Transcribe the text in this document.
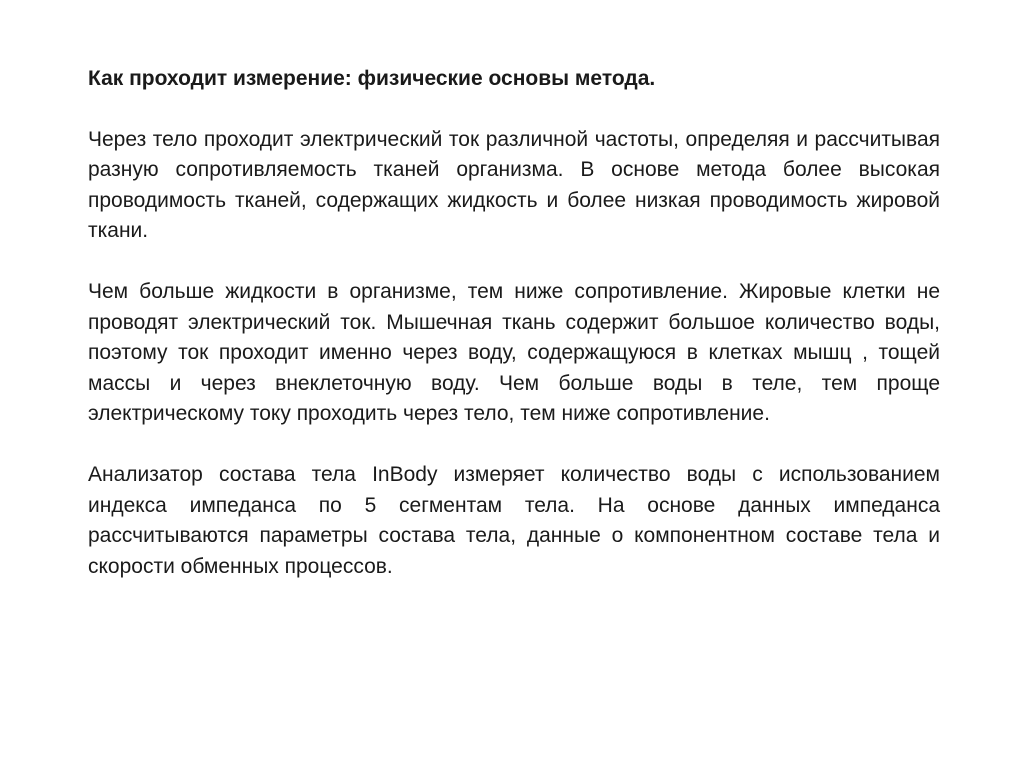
Как проходит измерение: физические основы метода.

Через тело проходит электрический ток различной частоты, определяя и рассчитывая разную сопротивляемость тканей организма. В основе метода более высокая проводимость тканей, содержащих жидкость и более низкая проводимость жировой ткани.

Чем больше жидкости в организме, тем ниже сопротивление. Жировые клетки не проводят электрический ток. Мышечная ткань содержит большое количество воды, поэтому ток проходит именно через воду, содержащуюся в клетках мышц , тощей массы и через внеклеточную воду. Чем больше воды в теле, тем проще электрическому току проходить через тело, тем ниже сопротивление.

Анализатор состава тела InBody измеряет количество воды с использованием индекса импеданса по 5 сегментам тела. На основе данных импеданса рассчитываются параметры состава тела, данные о компонентном составе тела и скорости обменных процессов.
